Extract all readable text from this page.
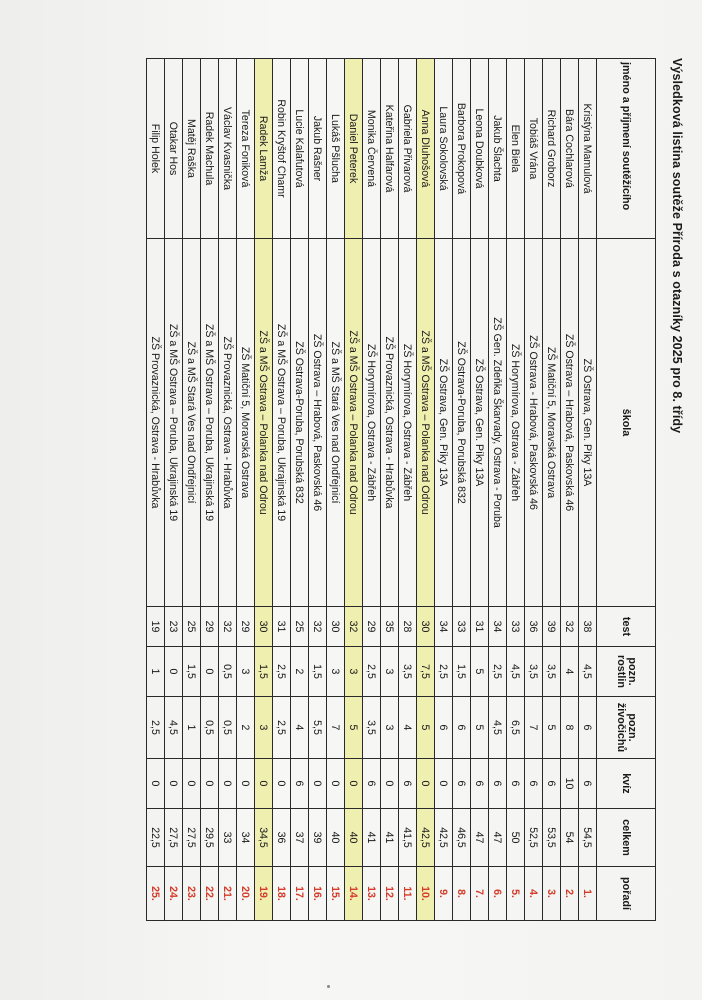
Výsledková listina soutěže Příroda s otazníky 2025 pro 8. třídy
jméno a příjmení soutěžícího	škola	test	pozn. rostlin	pozn. živočichů	kvíz	celkem	pořadí
Kristýna Mamulová	ZŠ Ostrava, Gen. Píky 13A	38	4,5	6	6	54,5	1.
Bára Cochlarová	ZŠ Ostrava – Hrabová, Paskovská 46	32	4	8	10	54	2.
Richard Groborz	ZŠ Matiční 5, Moravská Ostrava	39	3,5	5	6	53,5	3.
Tobiáš Vrána	ZŠ Ostrava - Hrabová, Paskovská 46	36	3,5	7	6	52,5	4.
Elen Biela	ZŠ Horymírova, Ostrava - Zábřeh	33	4,5	6,5	6	50	5.
Jakub Šlachta	ZŠ Gen. Zdeňka Škarvady, Ostrava - Poruba	34	2,5	4,5	6	47	6.
Leona Doubková	ZŠ Ostrava, Gen. Píky 13A	31	5	5	6	47	7.
Barbora Prokopová	ZŠ Ostrava-Poruba, Porubská 832	33	1,5	6	6	46,5	8.
Laura Sokolovská	ZŠ Ostrava, Gen. Píky 13A	34	2,5	6	0	42,5	9.
Anna Dluhošová	ZŠ a MŠ Ostrava – Polanka nad Odrou	30	7,5	5	0	42,5	10.
Gabriela Přivarová	ZŠ Horymírova, Ostrava - Zábřeh	28	3,5	4	6	41,5	11.
Kateřina Halfarová	ZŠ Provaznická, Ostrava - Hrabůvka	35	3	3	0	41	12.
Monika Červená	ZŠ Horymírova, Ostrava - Zábřeh	29	2,5	3,5	6	41	13.
Daniel Peterek	ZŠ a MŠ Ostrava – Polanka nad Odrou	32	3	5	0	40	14.
Lukáš Pšlucha	ZŠ a MŠ Stará Ves nad Ondřejnicí	30	3	7	0	40	15.
Jakub Rašner	ZŠ Ostrava – Hrabová, Paskovská 46	32	1,5	5,5	0	39	16.
Lucie Kalafutová	ZŠ Ostrava-Poruba, Porubská 832	25	2	4	6	37	17.
Robin Kryštof Chamr	ZŠ a MŠ Ostrava – Poruba, Ukrajinská 19	31	2,5	2,5	0	36	18.
Radek Lamža	ZŠ a MŠ Ostrava – Polanka nad Odrou	30	1,5	3	0	34,5	19.
Tereza Foniková	ZŠ Matiční 5, Moravská Ostrava	29	3	2	0	34	20.
Václav Kvasnička	ZŠ Provaznická, Ostrava - Hrabůvka	32	0,5	0,5	0	33	21.
Radek Machula	ZŠ a MŠ Ostrava – Poruba, Ukrajinská 19	29	0	0,5	0	29,5	22.
Matěj Raška	ZŠ a MŠ Stará Ves nad Ondřejnicí	25	1,5	1	0	27,5	23.
Otakar Hos	ZŠ a MŠ Ostrava – Poruba, Ukrajinská 19	23	0	4,5	0	27,5	24.
Filip Holek	ZŠ Provaznická, Ostrava - Hrabůvka	19	1	2,5	0	22,5	25.
